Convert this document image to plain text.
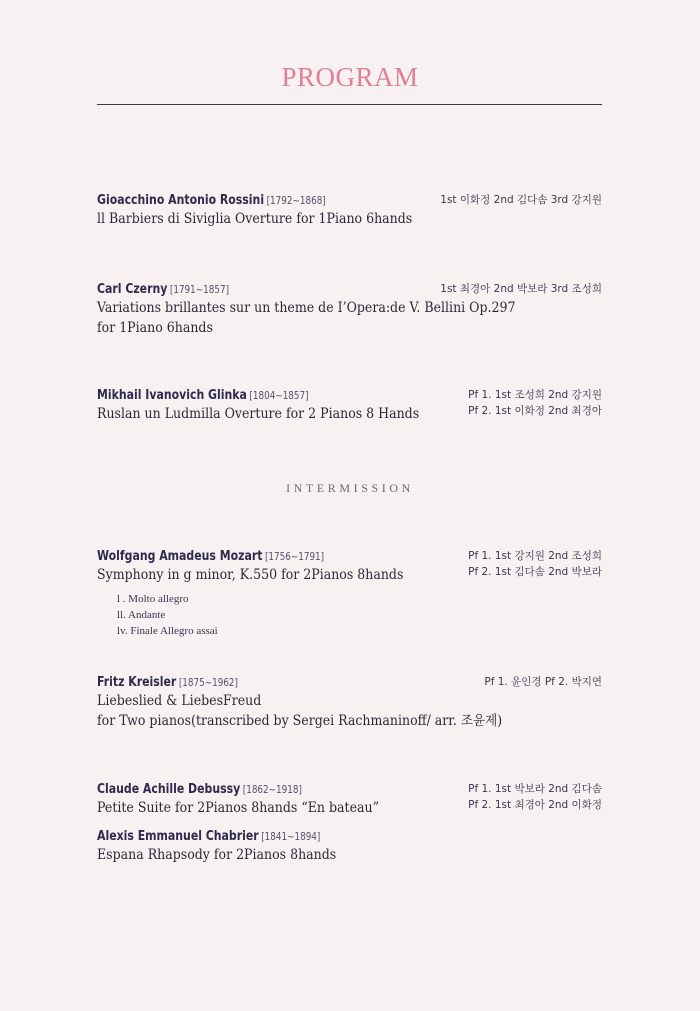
PROGRAM
Gioacchino Antonio Rossini [1792~1868]
ll Barbiers di Siviglia Overture for 1Piano 6hands
1st 이화정 2nd 김다솜 3rd 강지원
Carl Czerny [1791~1857]
Variations brillantes sur un theme de I’Opera:de V. Bellini Op.297
for 1Piano 6hands
1st 최경아 2nd 박보라 3rd 조성희
Mikhail Ivanovich Glinka [1804~1857]
Ruslan un Ludmilla Overture for 2 Pianos 8 Hands
Pf 1. 1st 조성희 2nd 강지원
Pf 2. 1st 이화정 2nd 최경아
INTERMISSION
Wolfgang Amadeus Mozart [1756~1791]
Symphony in g minor, K.550 for 2Pianos 8hands
l . Molto allegro
ll. Andante
lv. Finale Allegro assai
Pf 1. 1st 강지원 2nd 조성희
Pf 2. 1st 김다솜 2nd 박보라
Fritz Kreisler [1875~1962]
Liebeslied & LiebesFreud
for Two pianos(transcribed by Sergei Rachmaninoff/ arr. 조윤제)
Pf 1. 윤인경 Pf 2. 박지연
Claude Achille Debussy [1862~1918]
Petite Suite for 2Pianos 8hands “En bateau”
Pf 1. 1st 박보라 2nd 김다솜
Pf 2. 1st 최경아 2nd 이화정
Alexis Emmanuel Chabrier [1841~1894]
Espana Rhapsody for 2Pianos 8hands
